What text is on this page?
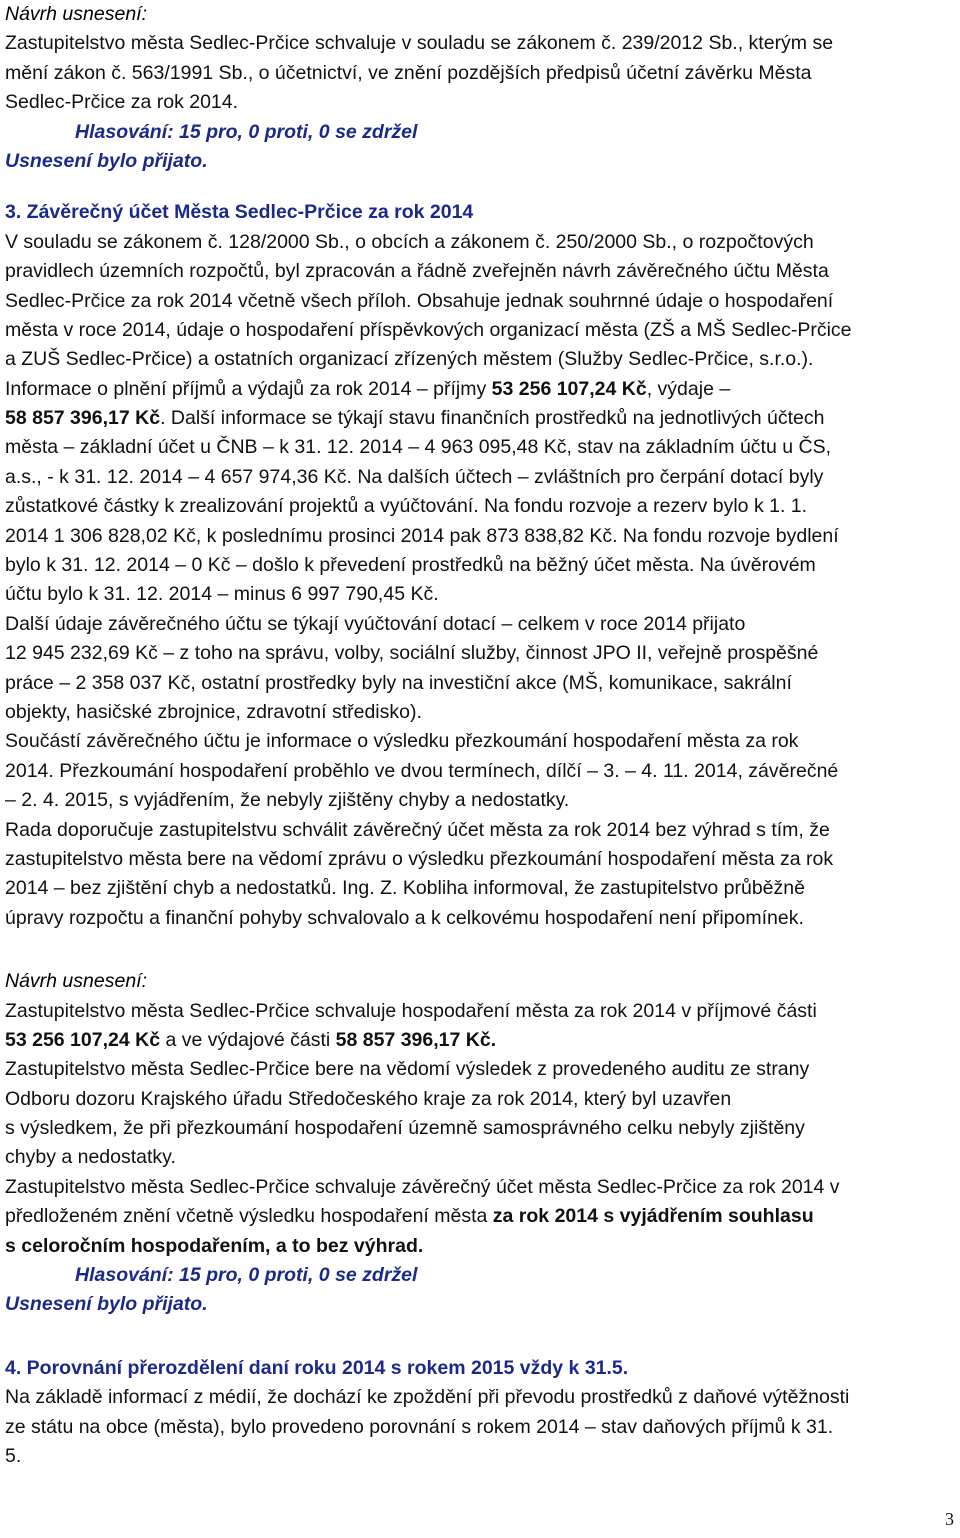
Návrh usnesení:
Zastupitelstvo města Sedlec-Prčice schvaluje v souladu se zákonem č. 239/2012 Sb., kterým se
mění zákon č. 563/1991 Sb., o účetnictví, ve znění pozdějších předpisů účetní závěrku Města
Sedlec-Prčice za rok 2014.
Hlasování: 15 pro, 0 proti, 0 se zdržel
Usnesení bylo přijato.
3. Závěrečný účet Města Sedlec-Prčice za rok 2014
V souladu se zákonem č. 128/2000 Sb., o obcích a zákonem č. 250/2000 Sb., o rozpočtových
pravidlech územních rozpočtů, byl zpracován a řádně zveřejněn návrh závěrečného účtu Města
Sedlec-Prčice za rok 2014 včetně všech příloh. Obsahuje jednak souhrnné údaje o hospodaření
města v roce 2014, údaje o hospodaření příspěvkových organizací města (ZŠ a MŠ Sedlec-Prčice
a ZUŠ Sedlec-Prčice) a ostatních organizací zřízených městem (Služby Sedlec-Prčice, s.r.o.).
Informace o plnění příjmů a výdajů za rok 2014 – příjmy 53 256 107,24 Kč, výdaje –
58 857 396,17 Kč. Další informace se týkají stavu finančních prostředků na jednotlivých účtech
města – základní účet u ČNB – k 31. 12. 2014 – 4 963 095,48 Kč, stav na základním účtu u ČS,
a.s., - k 31. 12. 2014 – 4 657 974,36 Kč. Na dalších účtech – zvláštních pro čerpání dotací byly
zůstatkové částky k zrealizování projektů a vyúčtování. Na fondu rozvoje a rezerv bylo k 1. 1.
2014 1 306 828,02 Kč, k poslednímu prosinci 2014 pak 873 838,82 Kč. Na fondu rozvoje bydlení
bylo k 31. 12. 2014 – 0 Kč – došlo k převedení prostředků na běžný účet města. Na úvěrovém
účtu bylo k 31. 12. 2014 – minus 6 997 790,45 Kč.
Další údaje závěrečného účtu se týkají vyúčtování dotací – celkem v roce 2014 přijato
12 945 232,69 Kč – z toho na správu, volby, sociální služby, činnost JPO II, veřejně prospěšné
práce – 2 358 037 Kč, ostatní prostředky byly na investiční akce (MŠ, komunikace, sakrální
objekty, hasičské zbrojnice, zdravotní středisko).
Součástí závěrečného účtu je informace o výsledku přezkoumání hospodaření města za rok
2014. Přezkoumání hospodaření proběhlo ve dvou termínech, dílčí – 3. – 4. 11. 2014, závěrečné
– 2. 4. 2015, s vyjádřením, že nebyly zjištěny chyby a nedostatky.
Rada doporučuje zastupitelstvu schválit závěrečný účet města za rok 2014 bez výhrad s tím, že
zastupitelstvo města bere na vědomí zprávu o výsledku přezkoumání hospodaření města za rok
2014 – bez zjištění chyb a nedostatků. Ing. Z. Kobliha informoval, že zastupitelstvo průběžně
úpravy rozpočtu a finanční pohyby schvalovalo a k celkovému hospodaření není připomínek.
Návrh usnesení:
Zastupitelstvo města Sedlec-Prčice schvaluje hospodaření města za rok 2014 v příjmové části
53 256 107,24 Kč a ve výdajové části 58 857 396,17 Kč.
Zastupitelstvo města Sedlec-Prčice bere na vědomí výsledek z provedeného auditu ze strany
Odboru dozoru Krajského úřadu Středočeského kraje za rok 2014, který byl uzavřen
s výsledkem, že při přezkoumání hospodaření územně samosprávného celku nebyly zjištěny
chyby a nedostatky.
Zastupitelstvo města Sedlec-Prčice schvaluje závěrečný účet města Sedlec-Prčice za rok 2014 v
předloženém znění včetně výsledku hospodaření města za rok 2014 s vyjádřením souhlasu
s celoročním hospodařením, a to bez výhrad.
Hlasování: 15 pro, 0 proti, 0 se zdržel
Usnesení bylo přijato.
4. Porovnání přerozdělení daní roku 2014 s rokem 2015 vždy k 31.5.
Na základě informací z médií, že dochází ke zpoždění při převodu prostředků z daňové výtěžnosti
ze státu na obce (města), bylo provedeno porovnání s rokem 2014 – stav daňových příjmů k 31.
5.
3
